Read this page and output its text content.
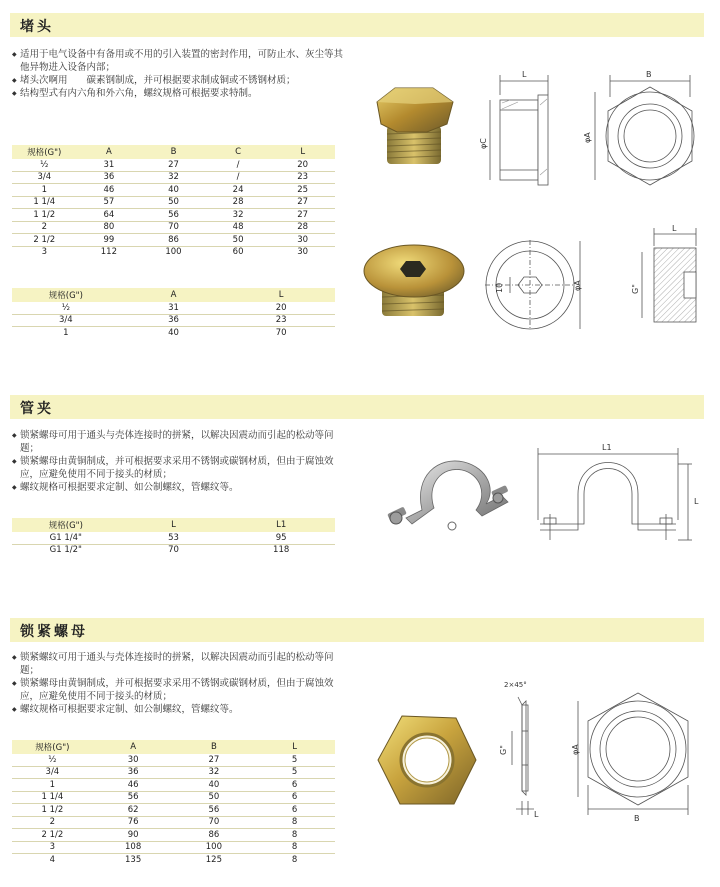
堵头
◆ 适用于电气设备中有备用或不用的引入装置的密封作用，可防止水、灰尘等其他异物进入设备内部；
◆ 堵头次啊用　　碳素钢制成，并可根据要求制成铜或不锈钢材质；
◆ 结构型式有内六角和外六角，螺纹规格可根据要求特制。
规格(G")	A	B	C	L
½	31	27	/	20
3/4	36	32	/	23
1	46	40	24	25
1 1/4	57	50	28	27
1 1/2	64	56	32	27
2	80	70	48	28
2 1/2	99	86	50	30
3	112	100	60	30
规格(G")	A	L
½	31	20
3/4	36	23
1	40	70
L
φC
B
φA
φA
10
L
G"
管夹
◆ 锁紧螺母可用于通头与壳体连接时的拼紧，以解决因震动而引起的松动等问题；
◆ 锁紧螺母由黄铜制成，并可根据要求采用不锈钢或碳钢材质，但由于腐蚀效应，应避免使用不同于接头的材质；
◆ 螺纹规格可根据要求定制、如公制螺纹，管螺纹等。
规格(G")	L	L1
G1 1/4"	53	95
G1 1/2"	70	118
L1
L
锁紧螺母
◆ 锁紧螺纹可用于通头与壳体连接时的拼紧，以解决因震动而引起的松动等问题；
◆ 锁紧螺母由黄铜制成，并可根据要求采用不锈钢或碳钢材质，但由于腐蚀效应，应避免使用不同于接头的材质；
◆ 螺纹规格可根据要求定制、如公制螺纹，管螺纹等。
规格(G")	A	B	L
½	30	27	5
3/4	36	32	5
1	46	40	6
1 1/4	56	50	6
1 1/2	62	56	6
2	76	70	8
2 1/2	90	86	8
3	108	100	8
4	135	125	8
2×45°
G"
L
φA
B
